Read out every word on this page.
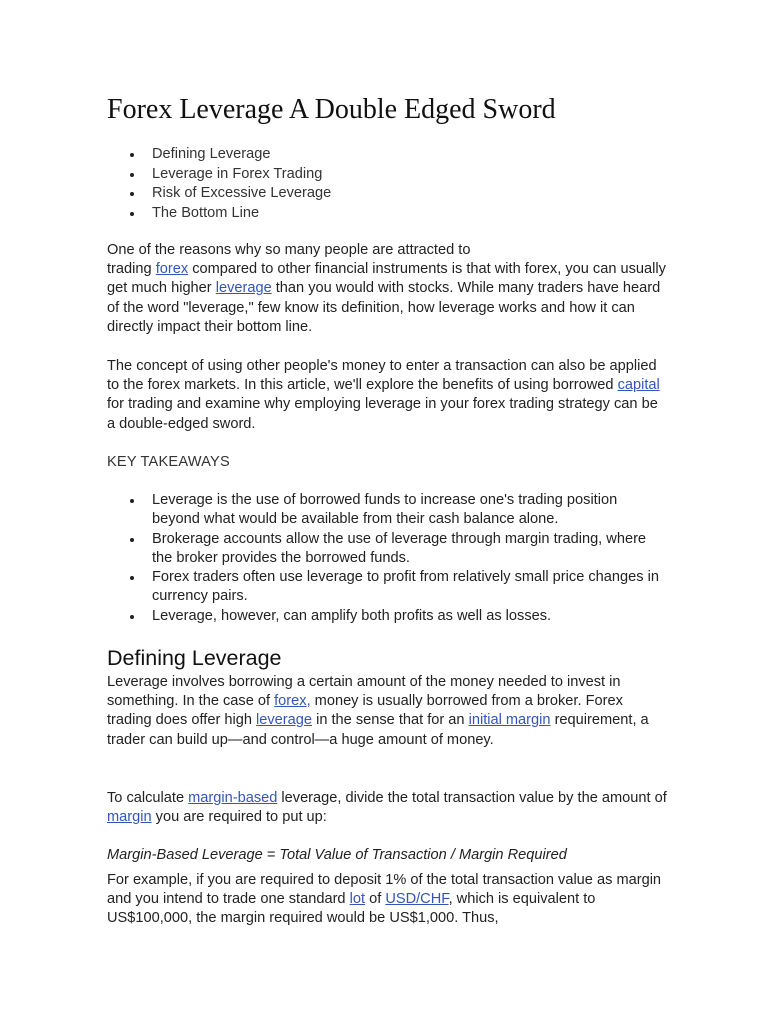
Forex Leverage A Double Edged Sword
Defining Leverage
Leverage in Forex Trading
Risk of Excessive Leverage
The Bottom Line

One of the reasons why so many people are attracted to
trading forex compared to other financial instruments is that with forex, you can usually get much higher leverage than you would with stocks. While many traders have heard of the word "leverage," few know its definition, how leverage works and how it can directly impact their bottom line.

The concept of using other people's money to enter a transaction can also be applied to the forex markets. In this article, we'll explore the benefits of using borrowed capital for trading and examine why employing leverage in your forex trading strategy can be a double-edged sword.

KEY TAKEAWAYS
Leverage is the use of borrowed funds to increase one's trading position beyond what would be available from their cash balance alone.
Brokerage accounts allow the use of leverage through margin trading, where the broker provides the borrowed funds.
Forex traders often use leverage to profit from relatively small price changes in currency pairs.
Leverage, however, can amplify both profits as well as losses.
Defining Leverage

Leverage involves borrowing a certain amount of the money needed to invest in something. In the case of forex, money is usually borrowed from a broker. Forex trading does offer high leverage in the sense that for an initial margin requirement, a trader can build up—and control—a huge amount of money.

To calculate margin-based leverage, divide the total transaction value by the amount of margin you are required to put up:

Margin-Based Leverage = Total Value of Transaction / Margin Required

For example, if you are required to deposit 1% of the total transaction value as margin and you intend to trade one standard lot of USD/CHF, which is equivalent to US$100,000, the margin required would be US$1,000. Thus,
